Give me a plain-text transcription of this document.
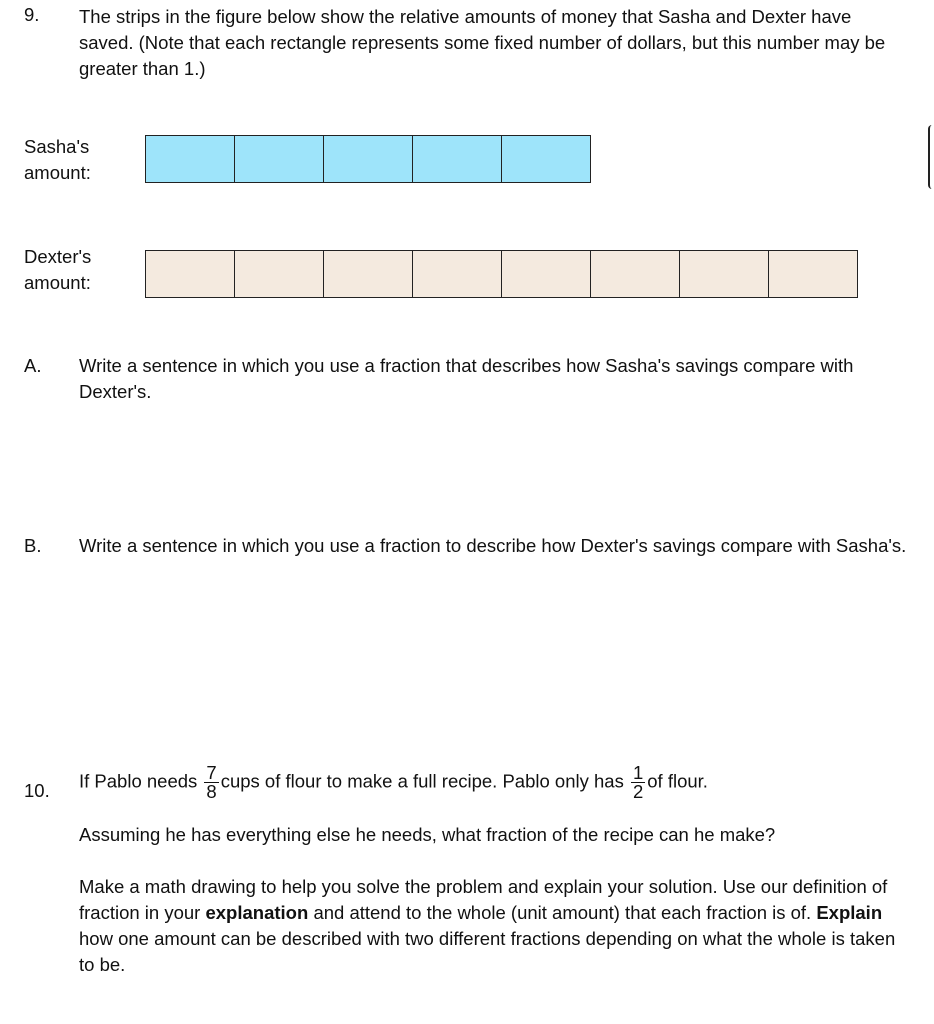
9. The strips in the figure below show the relative amounts of money that Sasha and Dexter have saved. (Note that each rectangle represents some fixed number of dollars, but this number may be greater than 1.)
Sasha's
amount:
Dexter's
amount:
A. Write a sentence in which you use a fraction that describes how Sasha's savings compare with Dexter's.
B. Write a sentence in which you use a fraction to describe how Dexter's savings compare with Sasha's.
10. If Pablo needs $\frac{7}{8}$ cups of flour to make a full recipe. Pablo only has $\frac{1}{2}$ of flour.
Assuming he has everything else he needs, what fraction of the recipe can he make?
Make a math drawing to help you solve the problem and explain your solution. Use our definition of fraction in your explanation and attend to the whole (unit amount) that each fraction is of. Explain how one amount can be described with two different fractions depending on what the whole is taken to be.
